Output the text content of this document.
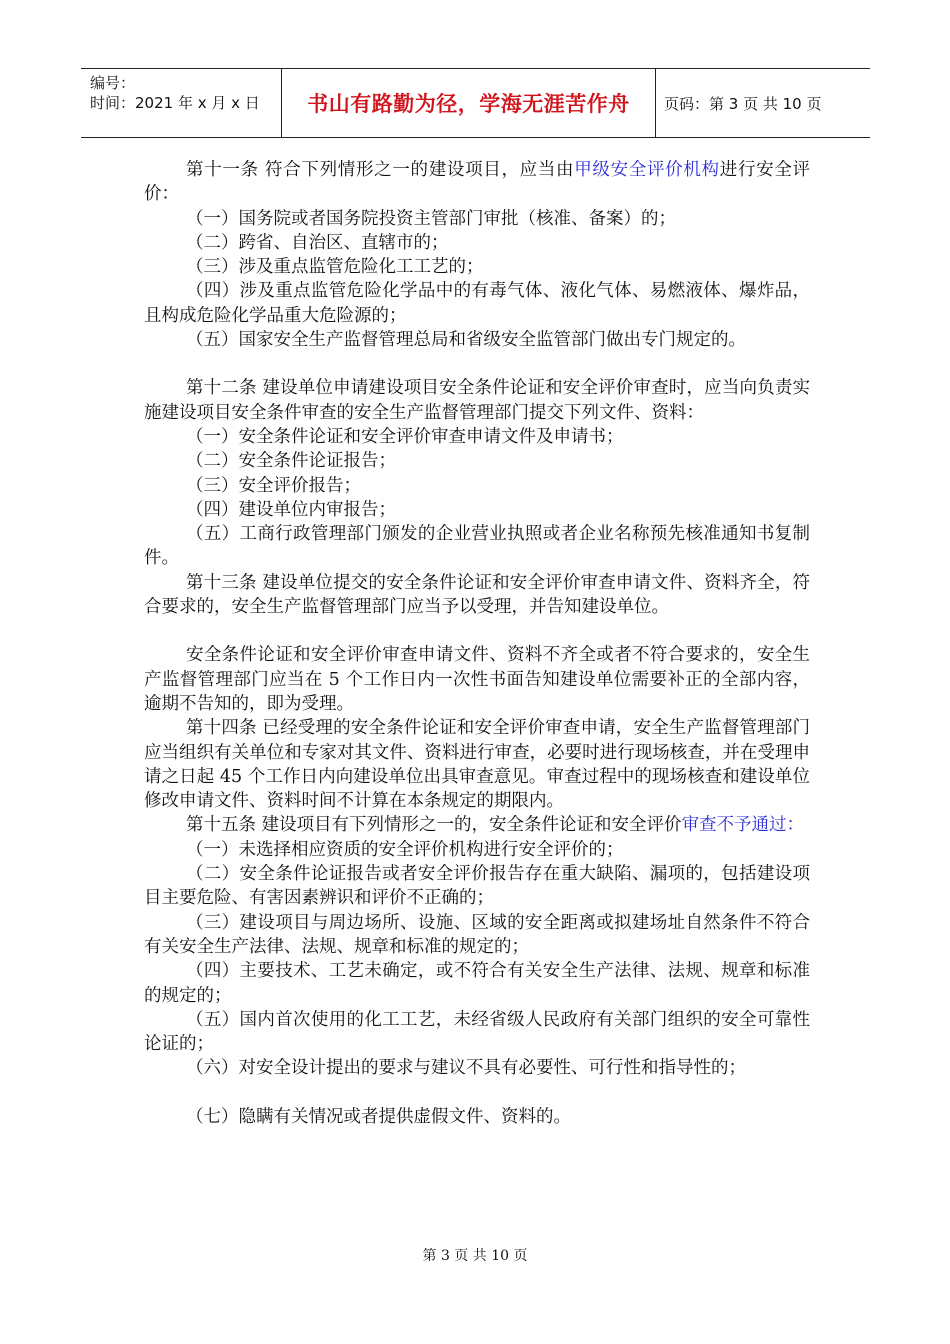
编号：
时间：2021 年 x 月 x 日	书山有路勤为径，学海无涯苦作舟 页码：第 3 页 共 10 页

第十一条 符合下列情形之一的建设项目，应当由甲级安全评价机构进行安全评价：

（一）国务院或者国务院投资主管部门审批（核准、备案）的；

（二）跨省、自治区、直辖市的；

（三）涉及重点监管危险化工工艺的；

（四）涉及重点监管危险化学品中的有毒气体、液化气体、易燃液体、爆炸品，且构成危险化学品重大危险源的；

（五）国家安全生产监督管理总局和省级安全监管部门做出专门规定的。

第十二条 建设单位申请建设项目安全条件论证和安全评价审查时，应当向负责实施建设项目安全条件审查的安全生产监督管理部门提交下列文件、资料：

（一）安全条件论证和安全评价审查申请文件及申请书；

（二）安全条件论证报告；

（三）安全评价报告；

（四）建设单位内审报告；

（五）工商行政管理部门颁发的企业营业执照或者企业名称预先核准通知书复制件。

第十三条 建设单位提交的安全条件论证和安全评价审查申请文件、资料齐全，符合要求的，安全生产监督管理部门应当予以受理，并告知建设单位。

安全条件论证和安全评价审查申请文件、资料不齐全或者不符合要求的，安全生产监督管理部门应当在 5 个工作日内一次性书面告知建设单位需要补正的全部内容，逾期不告知的，即为受理。

第十四条 已经受理的安全条件论证和安全评价审查申请，安全生产监督管理部门应当组织有关单位和专家对其文件、资料进行审查，必要时进行现场核查，并在受理申请之日起 45 个工作日内向建设单位出具审查意见。审查过程中的现场核查和建设单位修改申请文件、资料时间不计算在本条规定的期限内。

第十五条 建设项目有下列情形之一的，安全条件论证和安全评价审查不予通过：

（一）未选择相应资质的安全评价机构进行安全评价的；

（二）安全条件论证报告或者安全评价报告存在重大缺陷、漏项的，包括建设项目主要危险、有害因素辨识和评价不正确的；

（三）建设项目与周边场所、设施、区域的安全距离或拟建场址自然条件不符合有关安全生产法律、法规、规章和标准的规定的；

（四）主要技术、工艺未确定，或不符合有关安全生产法律、法规、规章和标准的规定的；

（五）国内首次使用的化工工艺，未经省级人民政府有关部门组织的安全可靠性论证的；

（六）对安全设计提出的要求与建议不具有必要性、可行性和指导性的；

（七）隐瞒有关情况或者提供虚假文件、资料的。

第 3 页 共 10 页
